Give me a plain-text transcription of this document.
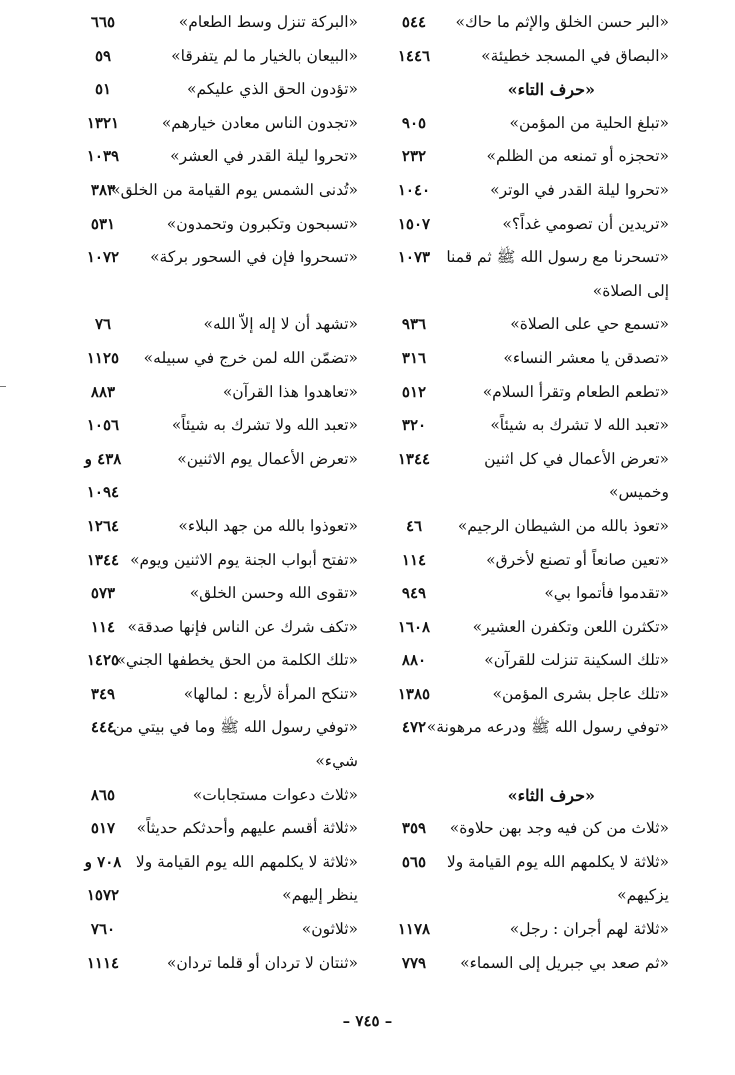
«البر حسن الخلق والإثم ما حاك»
٥٤٤
«البصاق في المسجد خطيئة»
١٤٤٦
«حرف التاء»
«تبلغ الحلية من المؤمن»
٩٠٥
«تحجزه أو تمنعه من الظلم»
٢٣٢
«تحروا ليلة القدر في الوتر»
١٠٤٠
«تريدين أن تصومي غداً؟»
١٥٠٧
«تسحرنا مع رسول الله ﷺ ثم قمنا
١٠٧٣
إلى الصلاة»
«تسمع حي على الصلاة»
٩٣٦
«تصدقن يا معشر النساء»
٣١٦
«تطعم الطعام وتقرأ السلام»
٥١٢
«تعبد الله لا تشرك به شيئاً»
٣٢٠
«تعرض الأعمال في كل اثنين
١٣٤٤
وخميس»
«تعوذ بالله من الشيطان الرجيم»
٤٦
«تعين صانعاً أو تصنع لأخرق»
١١٤
«تقدموا فأتموا بي»
٩٤٩
«تكثرن اللعن وتكفرن العشير»
١٦٠٨
«تلك السكينة تنزلت للقرآن»
٨٨٠
«تلك عاجل بشرى المؤمن»
١٣٨٥
«توفي رسول الله ﷺ ودرعه مرهونة»
٤٧٢
«حرف الثاء»
«ثلاث من كن فيه وجد بهن حلاوة»
٣٥٩
«ثلاثة لا يكلمهم الله يوم القيامة ولا
٥٦٥
يزكيهم»
«ثلاثة لهم أجران : رجل»
١١٧٨
«ثم صعد بي جبريل إلى السماء»
٧٧٩
«البركة تنزل وسط الطعام»
٦٦٥
«البيعان بالخيار ما لم يتفرقا»
٥٩
«تؤدون الحق الذي عليكم»
٥١
«تجدون الناس معادن خيارهم»
١٣٢١
«تحروا ليلة القدر في العشر»
١٠٣٩
«تُدنى الشمس يوم القيامة من الخلق»
٣٨٣
«تسبحون وتكبرون وتحمدون»
٥٣١
«تسحروا فإن في السحور بركة»
١٠٧٢
«تشهد أن لا إله إلاّ الله»
٧٦
«تضمّن الله لمن خرج في سبيله»
١١٢٥
«تعاهدوا هذا القرآن»
٨٨٣
«تعبد الله ولا تشرك به شيئاً»
١٠٥٦
«تعرض الأعمال يوم الاثنين»
٤٣٨ و
١٠٩٤
«تعوذوا بالله من جهد البلاء»
١٢٦٤
«تفتح أبواب الجنة يوم الاثنين ويوم»
١٣٤٤
«تقوى الله وحسن الخلق»
٥٧٣
«تكف شرك عن الناس فإنها صدقة»
١١٤
«تلك الكلمة من الحق يخطفها الجني»
١٤٢٥
«تنكح المرأة لأربع : لمالها»
٣٤٩
«توفي رسول الله ﷺ وما في بيتي من
٤٤٤
شيء»
«ثلاث دعوات مستجابات»
٨٦٥
«ثلاثة أقسم عليهم وأحدثكم حديثاً»
٥١٧
«ثلاثة لا يكلمهم الله يوم القيامة ولا
٧٠٨ و
ينظر إليهم»
١٥٧٢
«ثلاثون»
٧٦٠
«ثنتان لا تردان أو قلما تردان»
١١١٤
– ٧٤٥ –
